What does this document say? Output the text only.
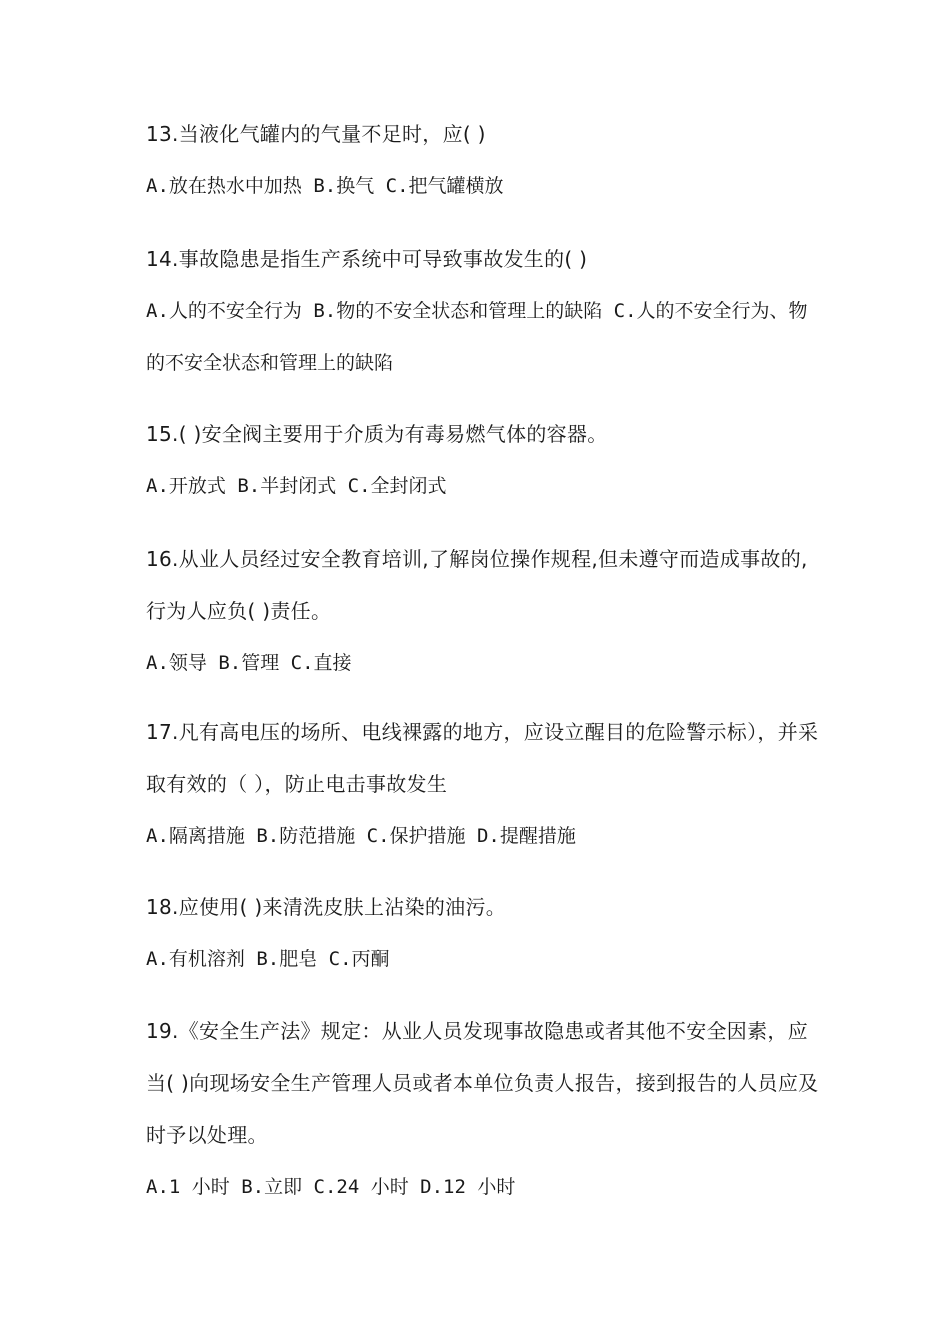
13.当液化气罐内的气量不足时，应( )

A.放在热水中加热 B.换气 C.把气罐横放

14.事故隐患是指生产系统中可导致事故发生的( )

A.人的不安全行为 B.物的不安全状态和管理上的缺陷 C.人的不安全行为、物的不安全状态和管理上的缺陷

15.( )安全阀主要用于介质为有毒易燃气体的容器。

A.开放式 B.半封闭式 C.全封闭式

16.从业人员经过安全教育培训,了解岗位操作规程,但未遵守而造成事故的,行为人应负( )责任。

A.领导 B.管理 C.直接

17.凡有高电压的场所、电线裸露的地方，应设立醒目的危险警示标），并采取有效的（ ），防止电击事故发生

A.隔离措施 B.防范措施 C.保护措施 D.提醒措施

18.应使用( )来清洗皮肤上沾染的油污。

A.有机溶剂 B.肥皂 C.丙酮

19.《安全生产法》规定：从业人员发现事故隐患或者其他不安全因素，应当( )向现场安全生产管理人员或者本单位负责人报告，接到报告的人员应及时予以处理。

A.1 小时 B.立即 C.24 小时 D.12 小时
